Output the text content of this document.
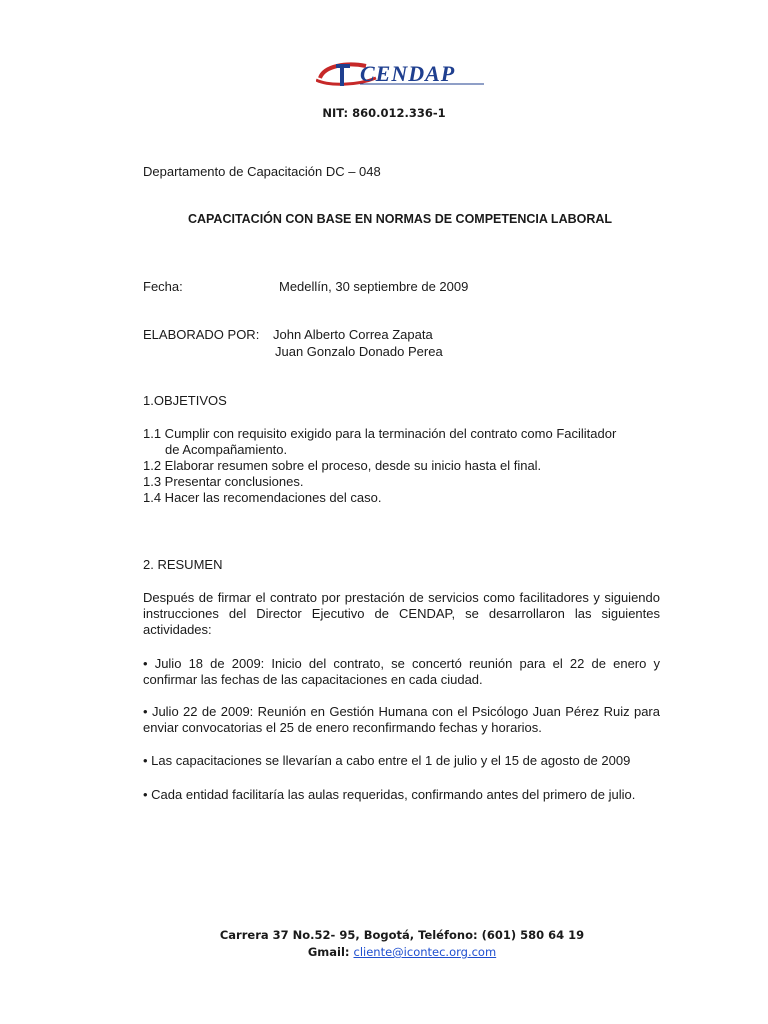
CENDAP
NIT: 860.012.336-1
Departamento de Capacitación DC – 048
CAPACITACIÓN CON BASE EN NORMAS DE COMPETENCIA LABORAL
Fecha:	Medellín, 30 septiembre de 2009
ELABORADO POR: John Alberto Correa Zapata
Juan Gonzalo Donado Perea
1.OBJETIVOS
1.1 Cumplir con requisito exigido para la terminación del contrato como Facilitador
de Acompañamiento.
1.2 Elaborar resumen sobre el proceso, desde su inicio hasta el final.
1.3 Presentar conclusiones.
1.4 Hacer las recomendaciones del caso.
2. RESUMEN
Después de firmar el contrato por prestación de servicios como facilitadores y siguiendo instrucciones del Director Ejecutivo de CENDAP, se desarrollaron las siguientes actividades:
• Julio 18 de 2009: Inicio del contrato, se concertó reunión para el 22 de enero y confirmar las fechas de las capacitaciones en cada ciudad.
• Julio 22 de 2009: Reunión en Gestión Humana con el Psicólogo Juan Pérez Ruiz para enviar convocatorias el 25 de enero reconfirmando fechas y horarios.
• Las capacitaciones se llevarían a cabo entre el 1 de julio y el 15 de agosto de 2009
• Cada entidad facilitaría las aulas requeridas, confirmando antes del primero de julio.
Carrera 37 No.52- 95, Bogotá, Teléfono: (601) 580 64 19
Gmail: cliente@icontec.org.com
